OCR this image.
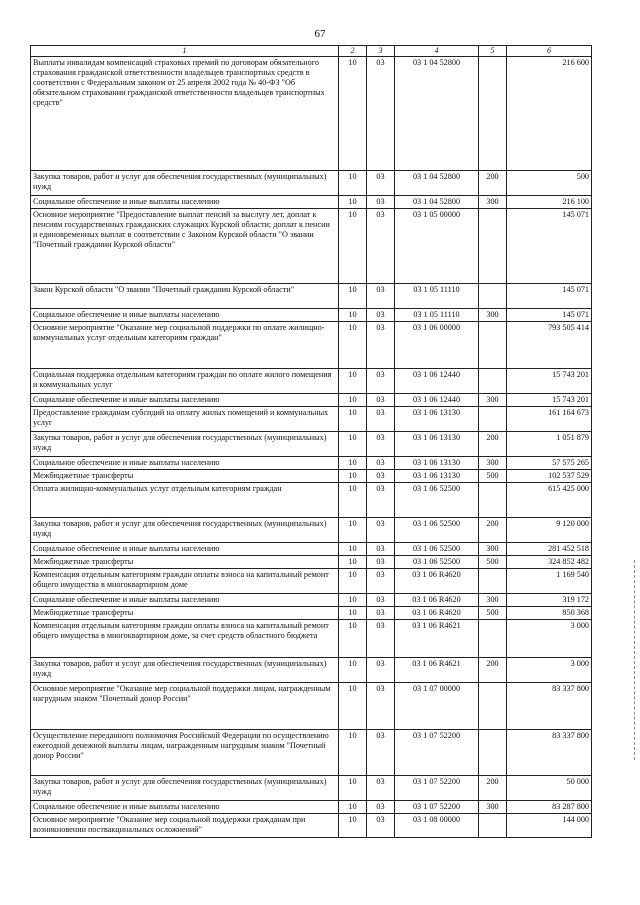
67
1	2	3	4	5	6
Выплаты инвалидам компенсаций страховых премий по договорам обязательного страхования гражданской ответственности владельцев транспортных средств в соответствии с Федеральным законом от 25 апреля 2002 года № 40-ФЗ "Об обязательном страховании гражданской ответственности владельцев транспортных средств"	10	03	03 1 04 52800		216 600
Закупка товаров, работ и услуг для обеспечения государственных (муниципальных) нужд	10	03	03 1 04 52800	200	500
Социальное обеспечение и иные выплаты населению	10	03	03 1 04 52800	300	216 100
Основное мероприятие "Предоставление выплат пенсий за выслугу лет, доплат к пенсиям государственных гражданских служащих Курской области; доплат к пенсии и единовременных выплат в соответствии с Законом Курской области "О звании "Почетный гражданин Курской области"	10	03	03 1 05 00000		145 071
Закон Курской области "О звании "Почетный гражданин Курской области"	10	03	03 1 05 11110		145 071
Социальное обеспечение и иные выплаты населению	10	03	03 1 05 11110	300	145 071
Основное мероприятие "Оказание мер социальной поддержки по оплате жилищно-коммунальных услуг отдельным категориям граждан"	10	03	03 1 06 00000		793 505 414
Социальная поддержка отдельным категориям граждан по оплате жилого помещения и коммунальных услуг	10	03	03 1 06 12440		15 743 201
Социальное обеспечение и иные выплаты населению	10	03	03 1 06 12440	300	15 743 201
Предоставление гражданам субсидий на оплату жилых помещений и коммунальных услуг	10	03	03 1 06 13130		161 164 673
Закупка товаров, работ и услуг для обеспечения государственных (муниципальных) нужд	10	03	03 1 06 13130	200	1 051 879
Социальное обеспечение и иные выплаты населению	10	03	03 1 06 13130	300	57 575 265
Межбюджетные трансферты	10	03	03 1 06 13130	500	102 537 529
Оплата жилищно-коммунальных услуг отдельным категориям граждан	10	03	03 1 06 52500		615 425 000
Закупка товаров, работ и услуг для обеспечения государственных (муниципальных) нужд	10	03	03 1 06 52500	200	9 120 000
Социальное обеспечение и иные выплаты населению	10	03	03 1 06 52500	300	281 452 518
Межбюджетные трансферты	10	03	03 1 06 52500	500	324 852 482
Компенсация отдельным категориям граждан оплаты взноса на капитальный ремонт общего имущества в многоквартирном доме	10	03	03 1 06 R4620		1 169 540
Социальное обеспечение и иные выплаты населению	10	03	03 1 06 R4620	300	319 172
Межбюджетные трансферты	10	03	03 1 06 R4620	500	850 368
Компенсация отдельным категориям граждан оплаты взноса на капитальный ремонт общего имущества в многоквартирном доме, за счет средств областного бюджета	10	03	03 1 06 R4621		3 000
Закупка товаров, работ и услуг для обеспечения государственных (муниципальных) нужд	10	03	03 1 06 R4621	200	3 000
Основное мероприятие "Оказание мер социальной поддержки лицам, награжденным нагрудным знаком "Почетный донор России"	10	03	03 1 07 00000		83 337 800
Осуществление переданного полномочия Российской Федерации по осуществлению ежегодной денежной выплаты лицам, награжденным нагрудным знаком "Почетный донор России"	10	03	03 1 07 52200		83 337 800
Закупка товаров, работ и услуг для обеспечения государственных (муниципальных) нужд	10	03	03 1 07 52200	200	50 000
Социальное обеспечение и иные выплаты населению	10	03	03 1 07 52200	300	83 287 800
Основное мероприятие "Оказание мер социальной поддержки гражданам при возникновении поствакцинальных осложнений"	10	03	03 1 08 00000		144 000
